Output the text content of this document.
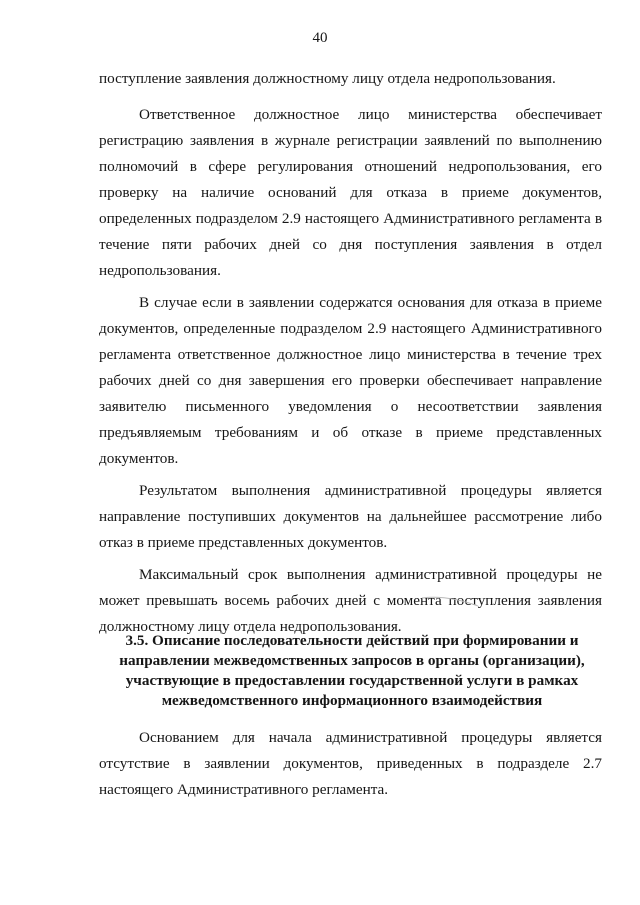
40

поступление заявления должностному лицу отдела недропользования.

Ответственное должностное лицо министерства обеспечивает регистрацию заявления в журнале регистрации заявлений по выполнению полномочий в сфере регулирования отношений недропользования, его проверку на наличие оснований для отказа в приеме документов, определенных подразделом 2.9 настоящего Административного регламента в течение пяти рабочих дней со дня поступления заявления в отдел недропользования.

В случае если в заявлении содержатся основания для отказа в приеме документов, определенные подразделом 2.9 настоящего Административного регламента ответственное должностное лицо министерства в течение трех рабочих дней со дня завершения его проверки обеспечивает направление заявителю письменного уведомления о несоответствии заявления предъявляемым требованиям и об отказе в приеме представленных документов.

Результатом выполнения административной процедуры является направление поступивших документов на дальнейшее рассмотрение либо отказ в приеме представленных документов.

Максимальный срок выполнения административной процедуры не может превышать восемь рабочих дней с момента поступления заявления должностному лицу отдела недропользования.

3.5. Описание последовательности действий при формировании и
направлении межведомственных запросов в органы (организации),
участвующие в предоставлении государственной услуги в рамках
межведомственного информационного взаимодействия

Основанием для начала административной процедуры является отсутствие в заявлении документов, приведенных в подразделе 2.7 настоящего Административного регламента.
